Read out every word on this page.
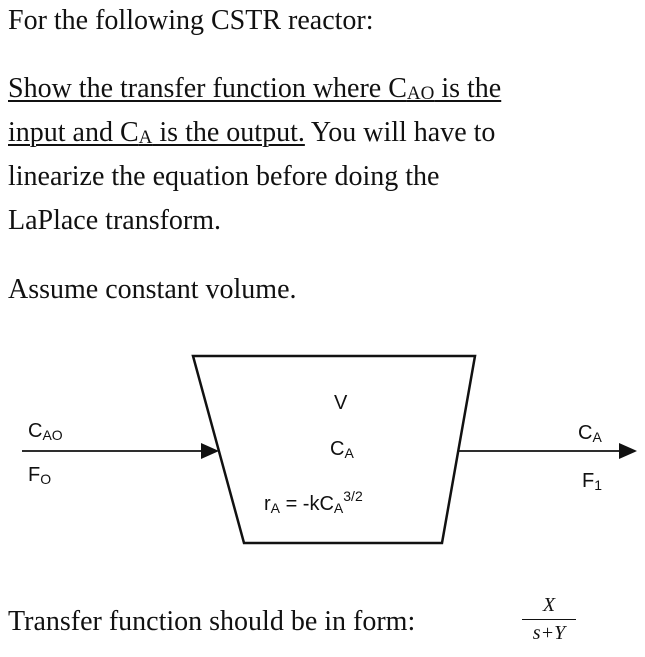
For the following CSTR reactor:
Show the transfer function where CAO is the
input and CA is the output. You will have to
linearize the equation before doing the
LaPlace transform.
Assume constant volume.
CAO
FO
V
CA
rA = -kCA$^{3/2}$
CA
F1
Transfer function should be in form:
X
s+Y
